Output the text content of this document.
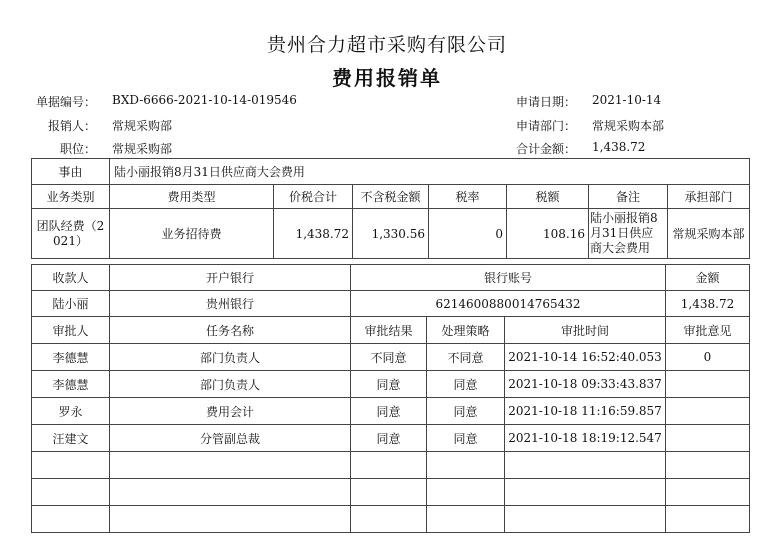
贵州合力超市采购有限公司
费用报销单
单据编号： BXD-6666-2021-10-14-019546
报销人： 常规采购部
职位： 常规采购部
申请日期： 2021-10-14
申请部门： 常规采购本部
合计金额： 1,438.72
事由	陆小丽报销8月31日供应商大会费用						
业务类别	费用类型	价税合计	不含税金额	税率	税额	备注	承担部门
团队经费（2021）	业务招待费	1,438.72	1,330.56	0	108.16	陆小丽报销8月31日供应商大会费用	常规采购本部
收款人	开户银行	银行账号			金额
陆小丽	贵州银行	6214600880014765432			1,438.72
审批人	任务名称	审批结果	处理策略	审批时间	审批意见
李德慧	部门负责人	不同意	不同意	2021-10-14 16:52:40.053	0
李德慧	部门负责人	同意	同意	2021-10-18 09:33:43.837	
罗永	费用会计	同意	同意	2021-10-18 11:16:59.857	
汪建文	分管副总裁	同意	同意	2021-10-18 18:19:12.547	
